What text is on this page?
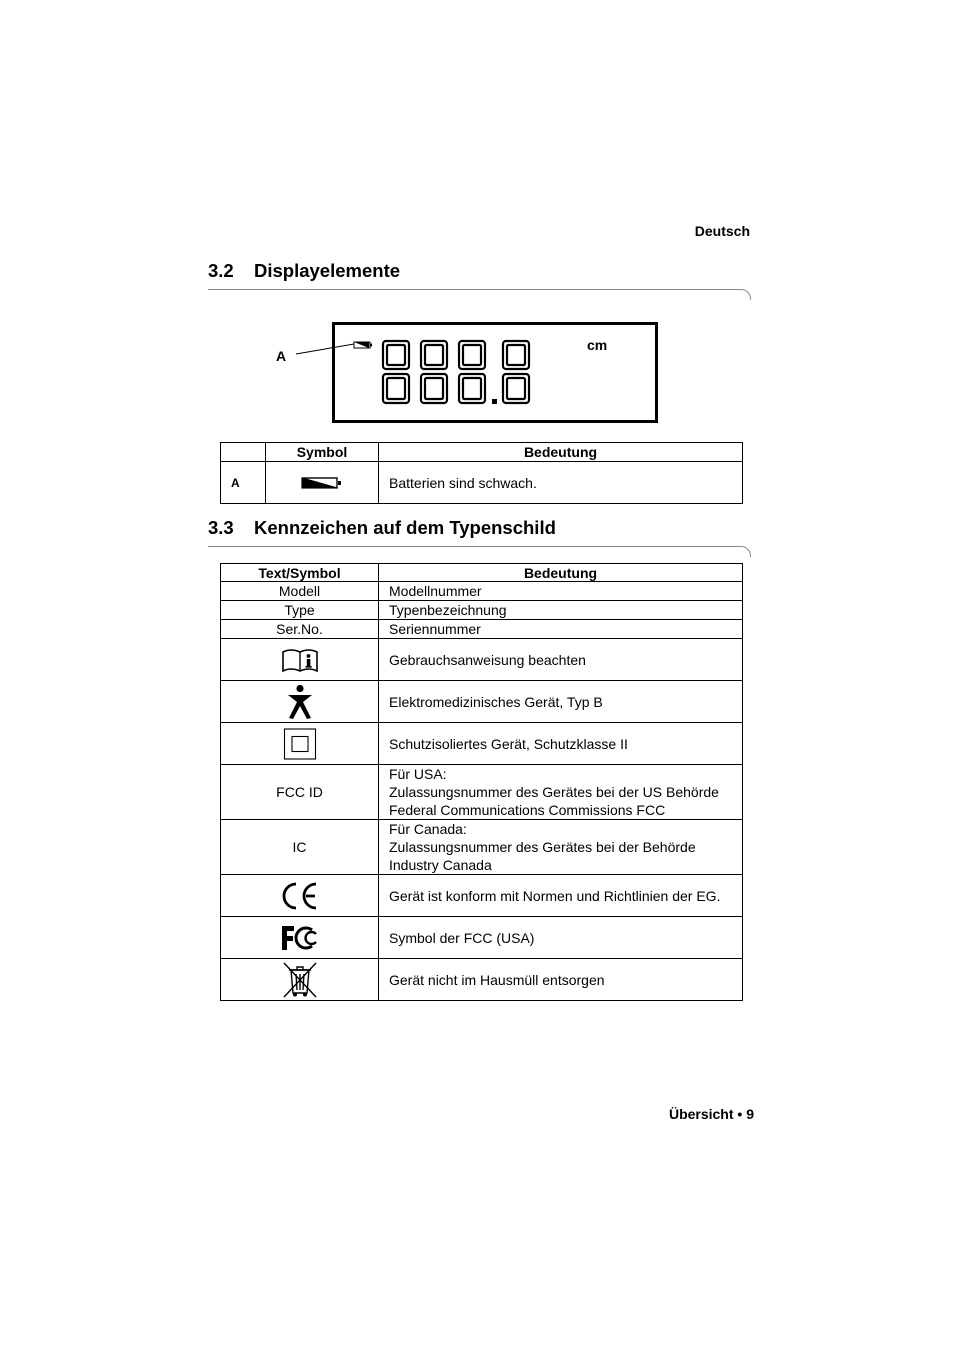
Deutsch
3.2 Displayelemente
A
cm
	Symbol	Bedeutung
A		Batterien sind schwach.
3.3 Kennzeichen auf dem Typenschild
Text/Symbol	Bedeutung
Modell	Modellnummer
Type	Typenbezeichnung
Ser.No.	Seriennummer

	Gebrauchsanweisung beachten

	Elektromedizinisches Gerät, Typ B

	Schutzisoliertes Gerät, Schutzklasse II
FCC ID	Für USA:
Zulassungsnummer des Gerätes bei der US Behörde
Federal Communications Commissions FCC

IC	Für Canada:
Zulassungsnummer des Gerätes bei der Behörde
Industry Canada

	Gerät ist konform mit Normen und Richtlinien der EG.

	Symbol der FCC (USA)

	Gerät nicht im Hausmüll entsorgen
Übersicht • 9
